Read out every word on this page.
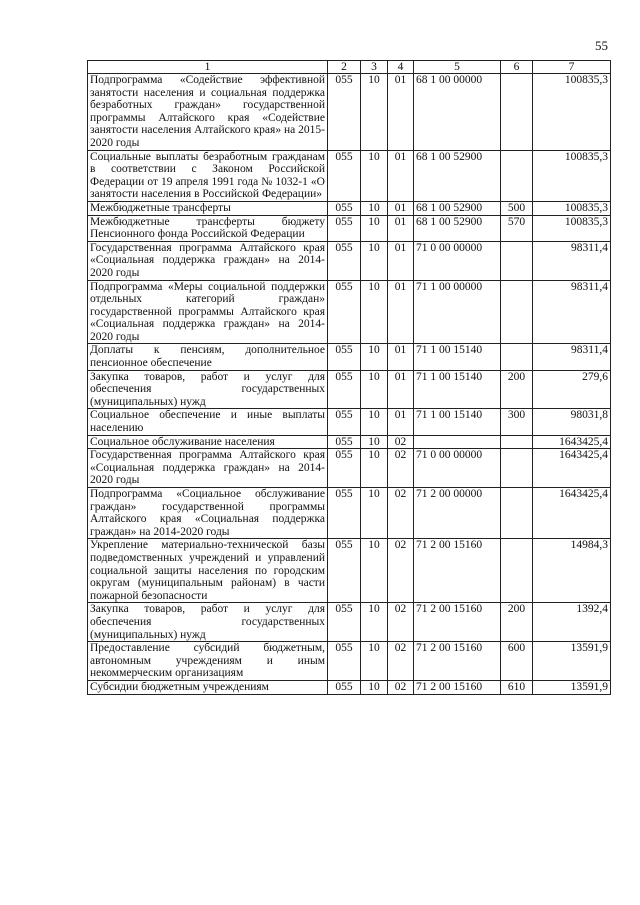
55
1	2	3	4	5	6	7
Подпрограмма «Содействие эффективной занятости населения и социальная поддержка безработных граждан» государственной программы Алтайского края «Содействие занятости населения Алтайского края» на 2015-2020 годы	055	10	01	68 1 00 00000		100835,3
Социальные выплаты безработным гражданам в соответствии с Законом Российской Федерации от 19 апреля 1991 года № 1032-1 «О занятости населения в Российской Федерации»	055	10	01	68 1 00 52900		100835,3
Межбюджетные трансферты	055	10	01	68 1 00 52900	500	100835,3
Межбюджетные трансферты бюджету Пенсионного фонда Российской Федерации	055	10	01	68 1 00 52900	570	100835,3
Государственная программа Алтайского края «Социальная поддержка граждан» на 2014-2020 годы	055	10	01	71 0 00 00000		98311,4
Подпрограмма «Меры социальной поддержки отдельных категорий граждан» государственной программы Алтайского края «Социальная поддержка граждан» на 2014-2020 годы	055	10	01	71 1 00 00000		98311,4
Доплаты к пенсиям, дополнительное пенсионное обеспечение	055	10	01	71 1 00 15140		98311,4
Закупка товаров, работ и услуг для обеспечения государственных (муниципальных) нужд	055	10	01	71 1 00 15140	200	279,6
Социальное обеспечение и иные выплаты населению	055	10	01	71 1 00 15140	300	98031,8
Социальное обслуживание населения	055	10	02			1643425,4
Государственная программа Алтайского края «Социальная поддержка граждан» на 2014-2020 годы	055	10	02	71 0 00 00000		1643425,4
Подпрограмма «Социальное обслуживание граждан» государственной программы Алтайского края «Социальная поддержка граждан» на 2014-2020 годы	055	10	02	71 2 00 00000		1643425,4
Укрепление материально-технической базы подведомственных учреждений и управлений социальной защиты населения по городским округам (муниципальным районам) в части пожарной безопасности	055	10	02	71 2 00 15160		14984,3
Закупка товаров, работ и услуг для обеспечения государственных (муниципальных) нужд	055	10	02	71 2 00 15160	200	1392,4
Предоставление субсидий бюджетным, автономным учреждениям и иным некоммерческим организациям	055	10	02	71 2 00 15160	600	13591,9
Субсидии бюджетным учреждениям	055	10	02	71 2 00 15160	610	13591,9
